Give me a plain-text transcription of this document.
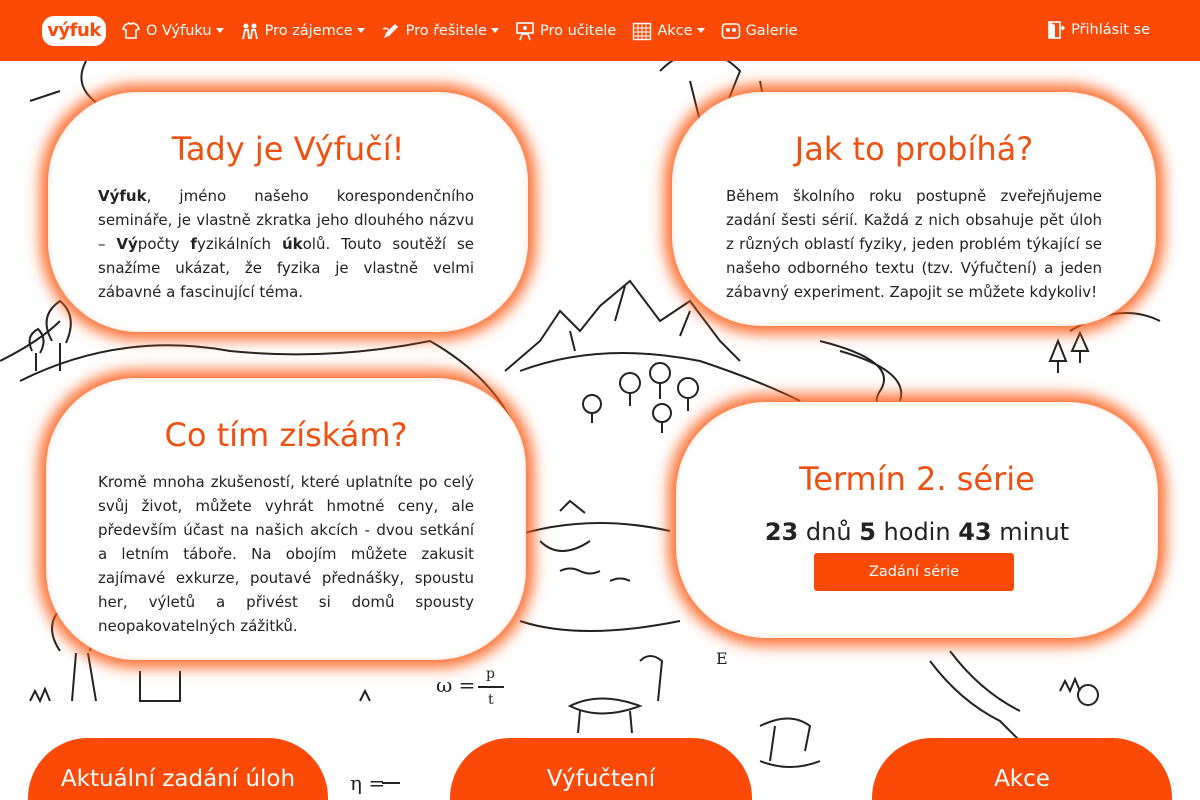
výfuk	O Výfuku	Pro zájemce	Pro řešitele	Pro učitele	Akce	Galerie	Přihlásit se
ω = p
t
E
η =
Tady je Výfučí!

Výfuk, jméno našeho korespondenčního semináře, je vlastně zkratka jeho dlouhého názvu – Výpočty fyzikálních úkolů. Touto soutěží se snažíme ukázat, že fyzika je vlastně velmi zábavné a fascinující téma.

Jak to probíhá?

Během školního roku postupně zveřejňujeme zadání šesti sérií. Každá z nich obsahuje pět úloh z různých oblastí fyziky, jeden problém týkající se našeho odborného textu (tzv. Výfučtení) a jeden zábavný experiment. Zapojit se můžete kdykoliv!

Co tím získám?

Kromě mnoha zkušeností, které uplatníte po celý svůj život, můžete vyhrát hmotné ceny, ale především účast na našich akcích - dvou setkání a letním táboře. Na obojím můžete zakusit zajímavé exkurze, poutavé přednášky, spoustu her, výletů a přivést si domů spousty neopakovatelných zážitků.

Termín 2. série
23 dnů 5 hodin 43 minut
Zadání série
Aktuální zadání úloh	Výfučtení	Akce
